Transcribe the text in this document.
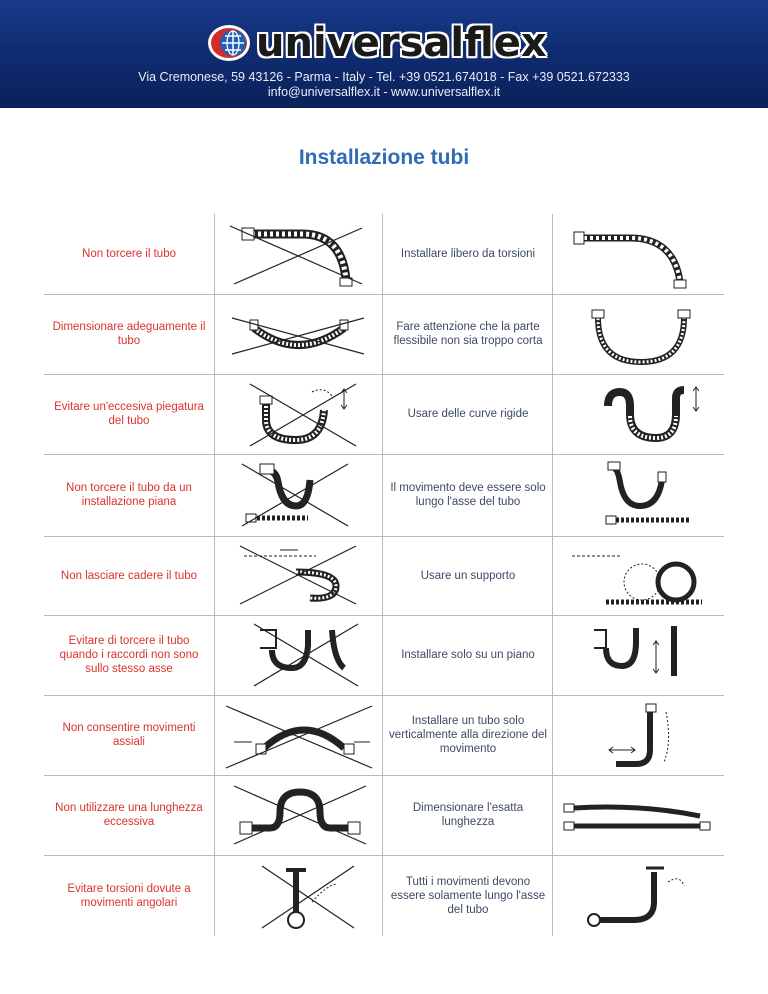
universalflex
Via Cremonese, 59 43126 - Parma - Italy - Tel. +39 0521.674018 - Fax +39 0521.672333
info@universalflex.it - www.universalflex.it
Installazione tubi
Non torcere il tubo	Installare libero da torsioni
Dimensionare adeguamente il tubo
Fare attenzione che la parte flessibile non sia troppo corta
Evitare un'eccesiva piegatura del tubo
Usare delle curve rigide
Non torcere il tubo da un installazione piana
Il movimento deve essere solo lungo l'asse del tubo
Non lasciare cadere il tubo	Usare un supporto
Evitare di torcere il tubo quando i raccordi non sono sullo stesso asse
Installare solo su un piano
Non consentire movimenti assiali
Installare un tubo solo verticalmente alla direzione del movimento
Non utilizzare una lunghezza eccessiva
Dimensionare l'esatta lunghezza
Evitare torsioni dovute a movimenti angolari
Tutti i movimenti devono essere solamente lungo l'asse del tubo
